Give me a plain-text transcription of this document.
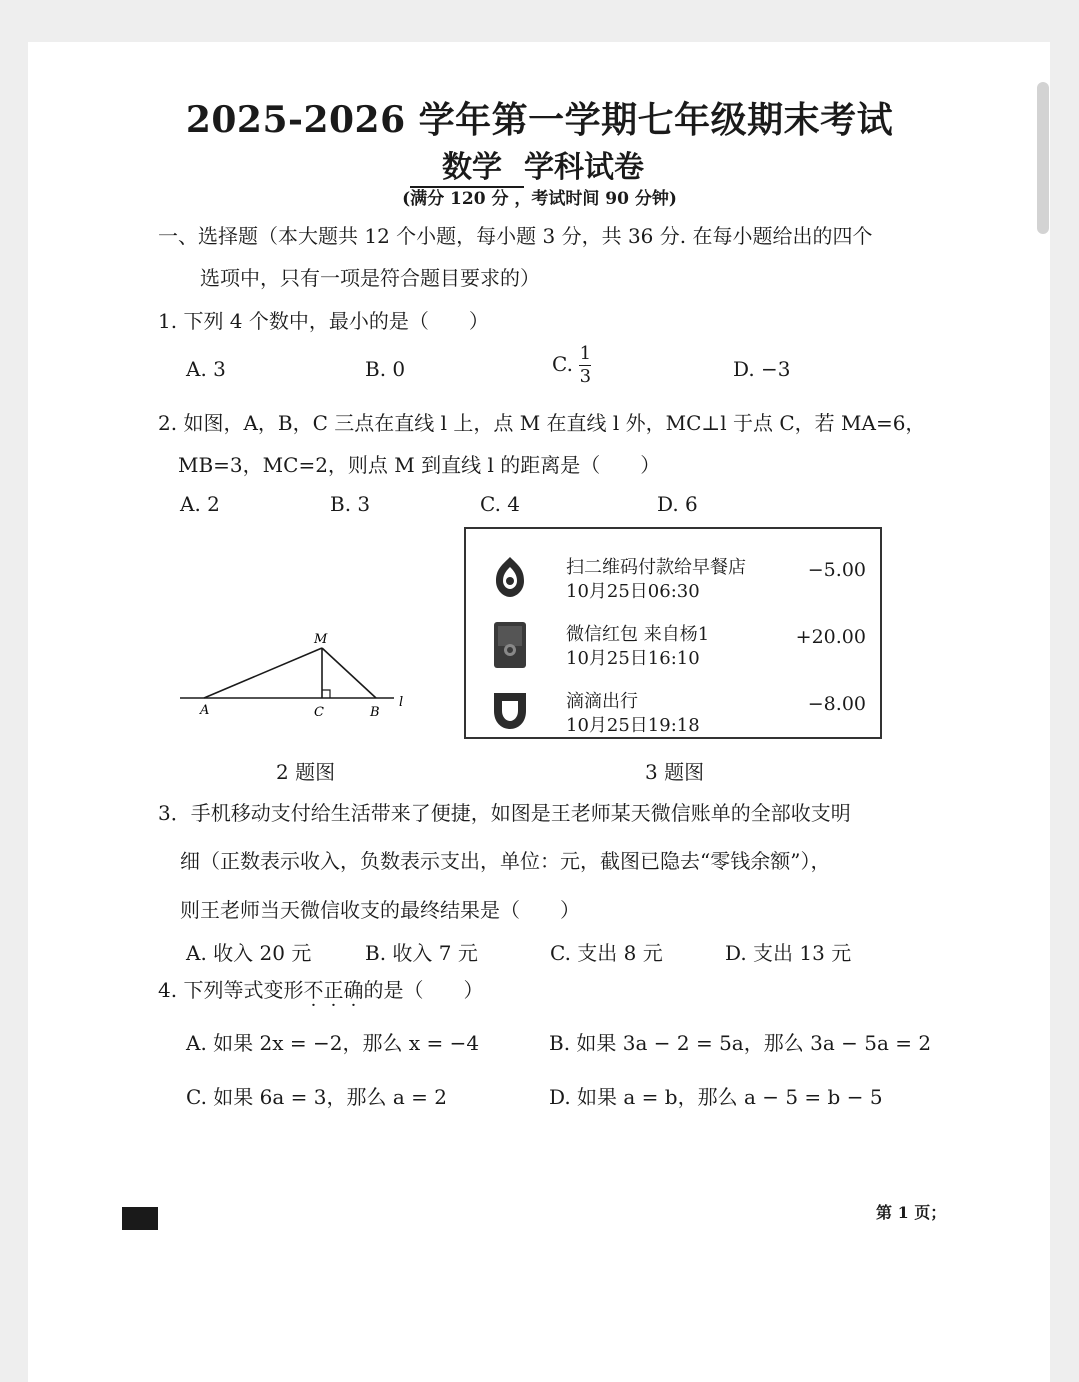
2025-2026 学年第一学期七年级期末考试
数学 学科试卷
(满分 120 分 ，考试时间 90 分钟)
一、选择题（本大题共 12 个小题，每小题 3 分，共 36 分. 在每小题给出的四个
选项中，只有一项是符合题目要求的）
1. 下列 4 个数中，最小的是（　　）
A. 3	B. 0	C. $\frac{1}{3}$	D. −3
2. 如图，A，B，C 三点在直线 l 上，点 M 在直线 l 外，MC⊥l 于点 C，若 MA=6，
MB=3，MC=2，则点 M 到直线 l 的距离是（　　）
A. 2	B. 3	C. 4	D. 6
M
A	C	B
l
2 题图
扫二维码付款给早餐店
10月25日06:30
−5.00
微信红包 来自杨1
10月25日16:10
+20.00
滴滴出行
10月25日19:18
−8.00
3 题图
3．手机移动支付给生活带来了便捷，如图是王老师某天微信账单的全部收支明
细（正数表示收入，负数表示支出，单位：元，截图已隐去“零钱余额”），
则王老师当天微信收支的最终结果是（　　）
A. 收入 20 元	B. 收入 7 元	C. 支出 8 元	D. 支出 13 元
4. 下列等式变形不正确的是（　　）
A. 如果 2x = −2，那么 x = −4	B. 如果 3a − 2 = 5a，那么 3a − 5a = 2
C. 如果 6a = 3，那么 a = 2	D. 如果 a = b，那么 a − 5 = b − 5
第 1 页；
